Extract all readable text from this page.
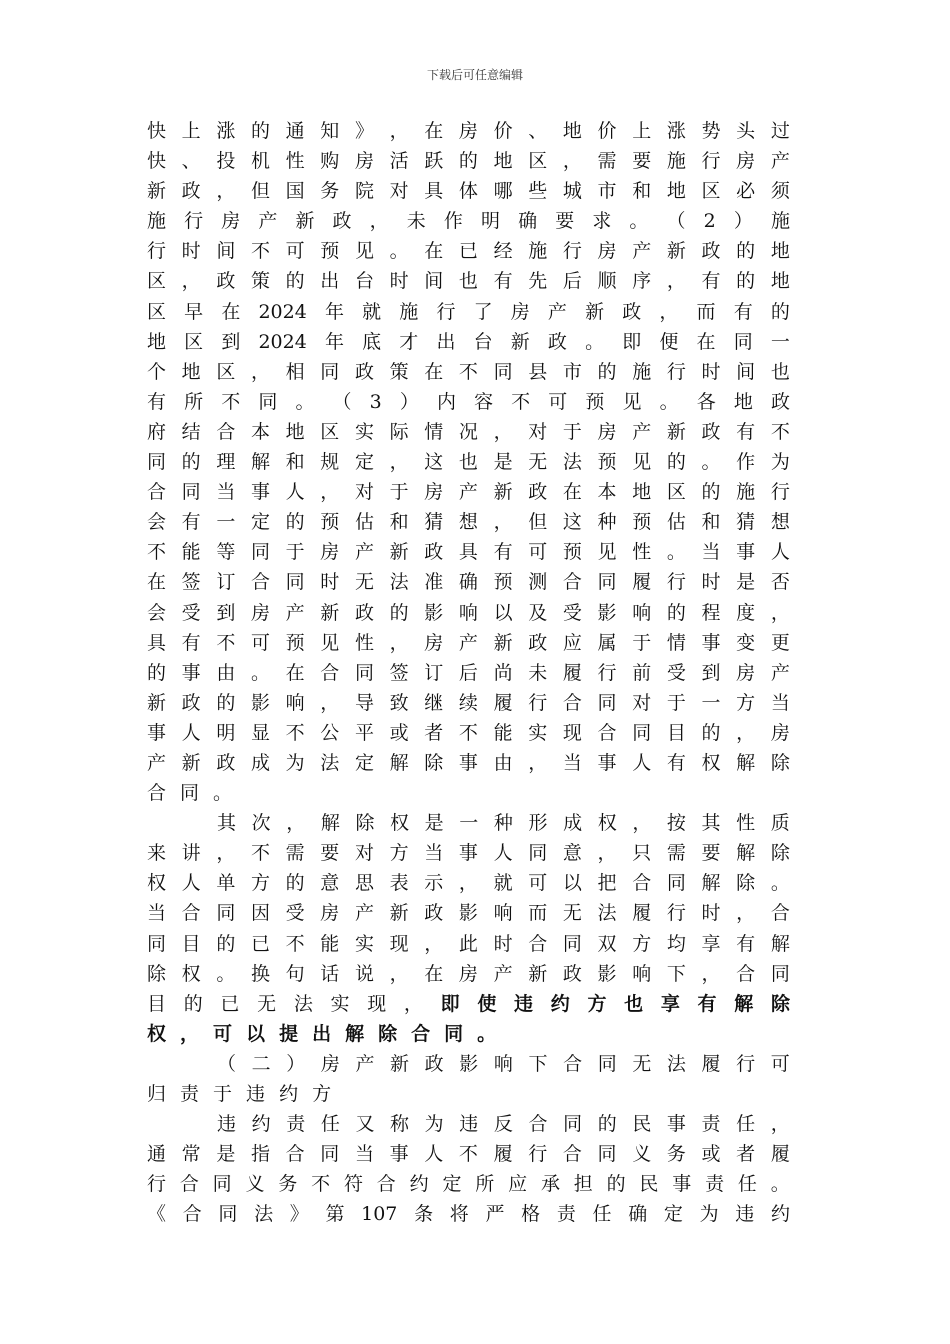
下载后可任意编辑
快 上 涨 的 通 知 》 ， 在 房 价 、 地 价 上 涨 势 头 过
快 、 投 机 性 购 房 活 跃 的 地 区 ， 需 要 施 行 房 产
新 政 ， 但 国 务 院 对 具 体 哪 些 城 市 和 地 区 必 须
施 行 房 产 新 政 ， 未 作 明 确 要 求 。 （ 2 ） 施
行 时 间 不 可 预 见 。 在 已 经 施 行 房 产 新 政 的 地
区 ， 政 策 的 出 台 时 间 也 有 先 后 顺 序 ， 有 的 地
区 早 在 2024 年 就 施 行 了 房 产 新 政 ， 而 有 的
地 区 到 2024 年 底 才 出 台 新 政 。 即 便 在 同 一
个 地 区 ， 相 同 政 策 在 不 同 县 市 的 施 行 时 间 也
有 所 不 同 。 （ 3 ） 内 容 不 可 预 见 。 各 地 政
府 结 合 本 地 区 实 际 情 况 ， 对 于 房 产 新 政 有 不
同 的 理 解 和 规 定 ， 这 也 是 无 法 预 见 的 。 作 为
合 同 当 事 人 ， 对 于 房 产 新 政 在 本 地 区 的 施 行
会 有 一 定 的 预 估 和 猜 想 ， 但 这 种 预 估 和 猜 想
不 能 等 同 于 房 产 新 政 具 有 可 预 见 性 。 当 事 人
在 签 订 合 同 时 无 法 准 确 预 测 合 同 履 行 时 是 否
会 受 到 房 产 新 政 的 影 响 以 及 受 影 响 的 程 度 ，
具 有 不 可 预 见 性 ， 房 产 新 政 应 属 于 情 事 变 更
的 事 由 。 在 合 同 签 订 后 尚 未 履 行 前 受 到 房 产
新 政 的 影 响 ， 导 致 继 续 履 行 合 同 对 于 一 方 当
事 人 明 显 不 公 平 或 者 不 能 实 现 合 同 目 的 ， 房
产 新 政 成 为 法 定 解 除 事 由 ， 当 事 人 有 权 解 除
合 同 。
其 次 ， 解 除 权 是 一 种 形 成 权 ， 按 其 性 质
来 讲 ， 不 需 要 对 方 当 事 人 同 意 ， 只 需 要 解 除
权 人 单 方 的 意 思 表 示 ， 就 可 以 把 合 同 解 除 。
当 合 同 因 受 房 产 新 政 影 响 而 无 法 履 行 时 ， 合
同 目 的 已 不 能 实 现 ， 此 时 合 同 双 方 均 享 有 解
除 权 。 换 句 话 说 ， 在 房 产 新 政 影 响 下 ， 合 同
目 的 已 无 法 实 现 ， 即 使 违 约 方 也 享 有 解 除
权 ， 可 以 提 出 解 除 合 同 。
（ 二 ） 房 产 新 政 影 响 下 合 同 无 法 履 行 可
归 责 于 违 约 方
违 约 责 任 又 称 为 违 反 合 同 的 民 事 责 任 ，
通 常 是 指 合 同 当 事 人 不 履 行 合 同 义 务 或 者 履
行 合 同 义 务 不 符 合 约 定 所 应 承 担 的 民 事 责 任 。
《 合 同 法 》 第 107 条 将 严 格 责 任 确 定 为 违 约
